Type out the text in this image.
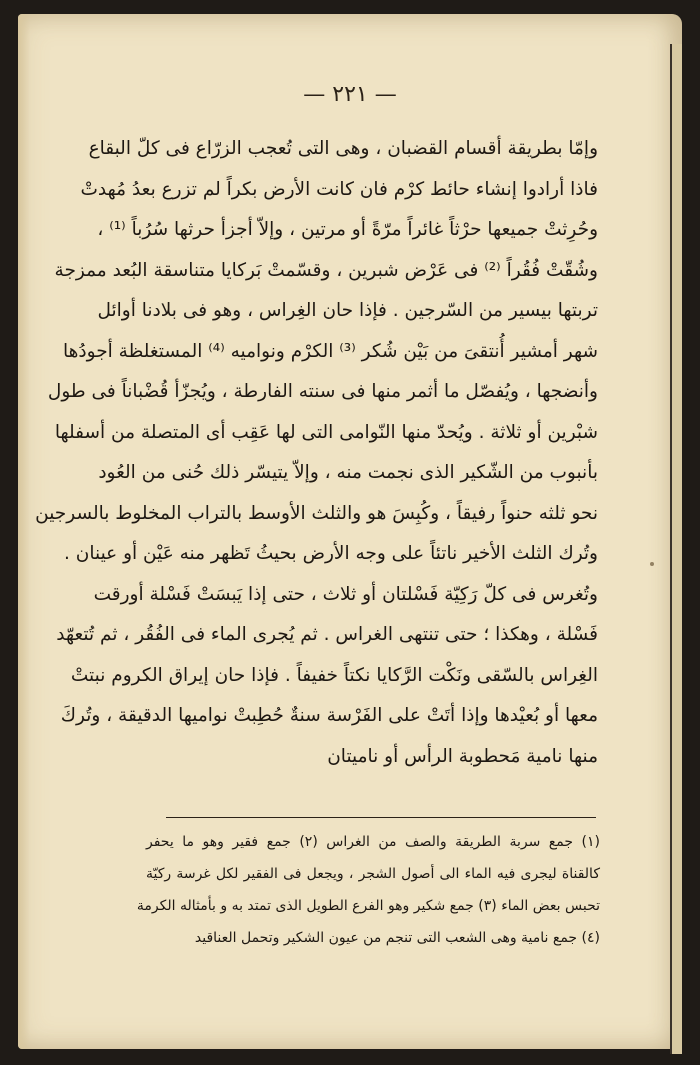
— ٢٢١ —
وإمّا بطريقة أقسام القضبان ، وهى التى تُعجب الزرّاع فى كلّ البقاع
فاذا أرادوا إنشاء حائط كرْم فان كانت الأرض بكراً لم تزرع بعدُ مُهدتْ
وحُرِثتْ جميعها حرْثاً غائراً مرّةً أو مرتين ، وإلاّ أجزأ حرثها سُرُباً ⁽¹⁾ ،
وشُقّتْ فُقُراً ⁽²⁾ فى عَرْض شبرين ، وقسّمتْ بَركايا متناسقة البُعد ممزجة
تربتها بيسير من السّرجين . فإذا حان الغِراس ، وهو فى بلادنا أوائل
شهر أمشير أُنتقىَ من بَيْن شُكر ⁽³⁾ الكرْم ونواميه ⁽⁴⁾ المستغلظة أجودُها
وأنضجها ، ويُفصّل ما أثمر منها فى سنته الفارطة ، ويُجزّأ قُضْباناً فى طول
شبْرين أو ثلاثة . ويُحدّ منها النّوامى التى لها عَقِب أى المتصلة من أسفلها
بأنبوب من الشّكير الذى نجمت منه ، وإلاّ يتيسّر ذلك حُنى من العُود
نحو ثلثه حنواً رفيقاً ، وكُبِسَ هو والثلث الأوسط بالتراب المخلوط بالسرجين
وتُرك الثلث الأخير ناتئاً على وجه الأرض بحيثُ تَظهر منه عَيْن أو عينان .
وتُغرس فى كلّ رَكِيّة فَسْلتان أو ثلاث ، حتى إذا يَبسَتْ فَسْلة أورقت
فَسْلة ، وهكذا ؛ حتى تنتهى الغراس . ثم يُجرى الماء فى الفُقُر ، ثم تُتعهّد
الغِراس بالسّقى ونَكْت الرَّكايا نكتاً خفيفاً . فإذا حان إيراق الكروم نبتتْ
معها أو بُعيْدها وإذا أتَتْ على الفَرْسة سنةٌ حُطِبتْ نواميها الدقيقة ، وتُركَ
منها نامية مَحطوبة الرأس أو ناميتان
(١) جمع سربة الطريقة والصف من الغراس (٢) جمع فقير وهو ما يحفر
كالقناة ليجرى فيه الماء الى أصول الشجر ، ويجعل فى الفقير لكل غرسة ركيّة
تحبس بعض الماء (٣) جمع شكير وهو الفرع الطويل الذى تمتد به و بأمثاله الكرمة
(٤) جمع نامية وهى الشعب التى تنجم من عيون الشكير وتحمل العناقيد
